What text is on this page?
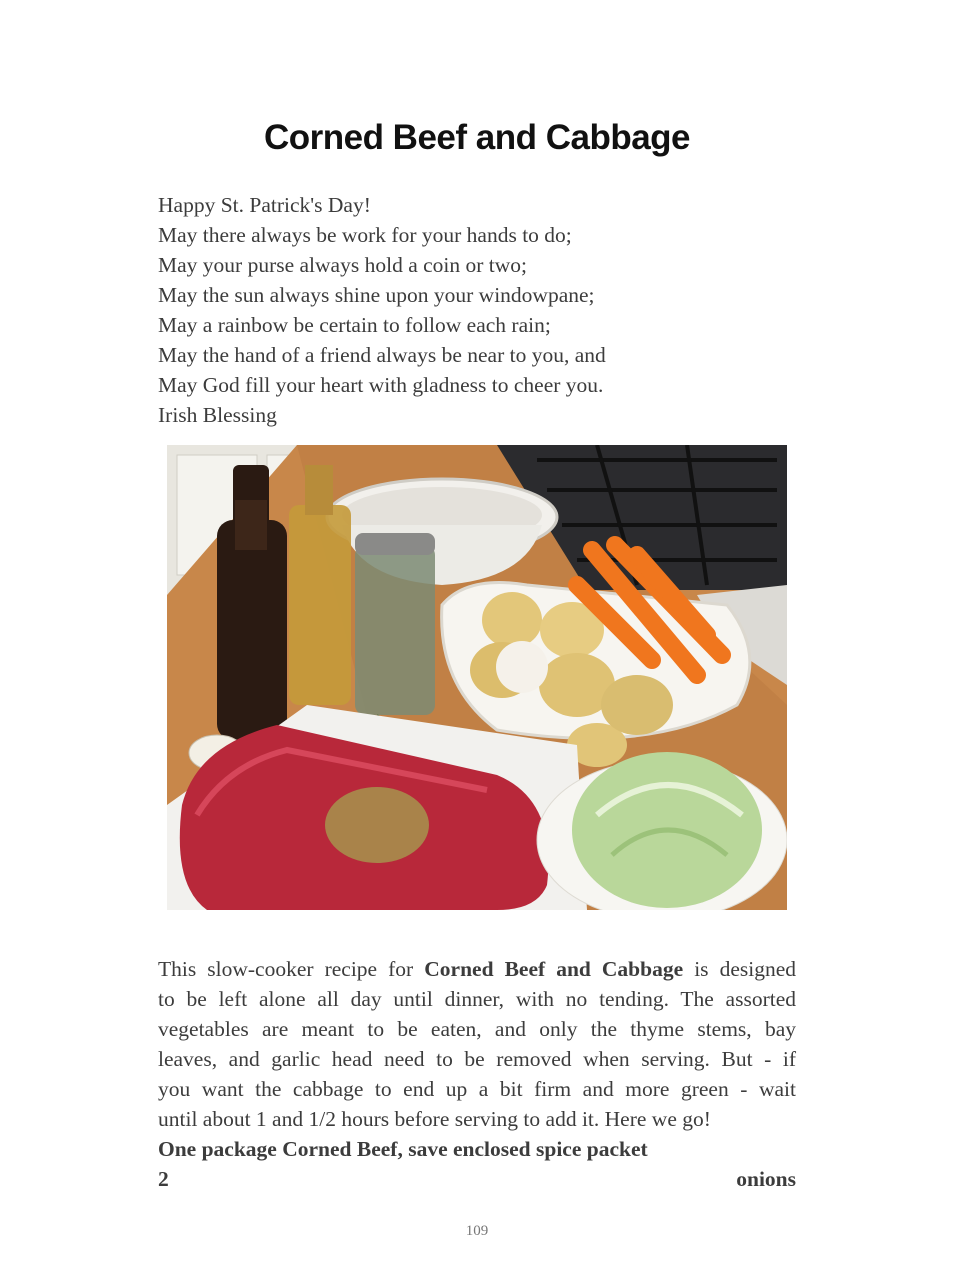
Corned Beef and Cabbage
Happy St. Patrick's Day!
May there always be work for your hands to do;
May your purse always hold a coin or two;
May the sun always shine upon your windowpane;
May a rainbow be certain to follow each rain;
May the hand of a friend always be near to you, and
May God fill your heart with gladness to cheer you.
Irish Blessing
This slow-cooker recipe for Corned Beef and Cabbage is designed
to be left alone all day until dinner, with no tending. The assorted
vegetables are meant to be eaten, and only the thyme stems, bay
leaves, and garlic head need to be removed when serving. But - if
you want the cabbage to end up a bit firm and more green - wait
until about 1 and 1/2 hours before serving to add it. Here we go!
One package Corned Beef, save enclosed spice packet
2	onions
109
